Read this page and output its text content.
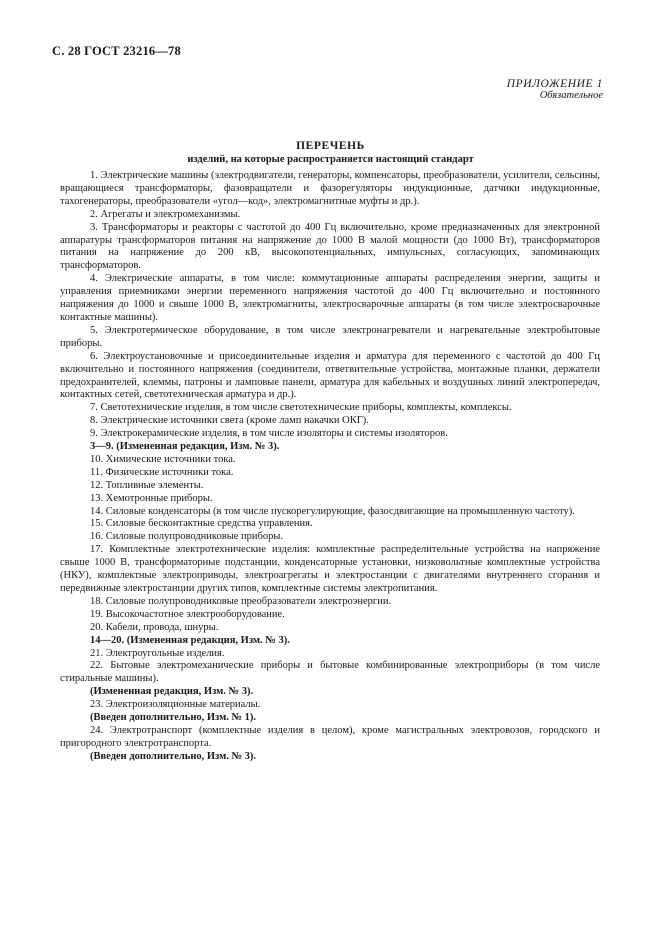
С. 28 ГОСТ 23216—78
ПРИЛОЖЕНИЕ 1
Обязательное
ПЕРЕЧЕНЬ
изделий, на которые распространяется настоящий стандарт

1. Электрические машины (электродвигатели, генераторы, компенсаторы, преобразователи, усилители, сельсины, вращающиеся трансформаторы, фазовращатели и фазорегуляторы индукционные, датчики индукционные, тахогенераторы, преобразователи «угол—код», электромагнитные муфты и др.).

2. Агрегаты и электромеханизмы.

3. Трансформаторы и реакторы с частотой до 400 Гц включительно, кроме предназначенных для электронной аппаратуры трансформаторов питания на напряжение до 1000 В малой мощности (до 1000 Вт), трансформаторов питания на напряжение до 200 кВ, высокопотенциальных, импульсных, согласующих, запоминающих трансформаторов.

4. Электрические аппараты, в том числе: коммутационные аппараты распределения энергии, защиты и управления приемниками энергии переменного напряжения частотой до 400 Гц включительно и постоянного напряжения до 1000 и свыше 1000 В, электромагниты, электросварочные аппараты (в том числе электросварочные контактные машины).

5. Электротермическое оборудование, в том числе электронагреватели и нагревательные электробытовые приборы.

6. Электроустановочные и присоединительные изделия и арматура для переменного с частотой до 400 Гц включительно и постоянного напряжения (соединители, ответвительные устройства, монтажные планки, держатели предохранителей, клеммы, патроны и ламповые панели, арматура для кабельных и воздушных линий электропередач, контактных сетей, светотехническая арматура и др.).

7. Светотехнические изделия, в том числе светотехнические приборы, комплекты, комплексы.

8. Электрические источники света (кроме ламп накачки ОКГ).

9. Электрокерамические изделия, в том числе изоляторы и системы изоляторов.

3—9. (Измененная редакция, Изм. № 3).

10. Химические источники тока.

11. Физические источники тока.

12. Топливные элементы.

13. Хемотронные приборы.

14. Силовые конденсаторы (в том числе пускорегулирующие, фазосдвигающие на промышленную частоту).

15. Силовые бесконтактные средства управления.

16. Силовые полупроводниковые приборы.

17. Комплектные электротехнические изделия: комплектные распределительные устройства на напряжение свыше 1000 В, трансформаторные подстанции, конденсаторные установки, низковольтные комплектные устройства (НКУ), комплектные электроприводы, электроагрегаты и электростанции с двигателями внутреннего сгорания и передвижные электростанции других типов, комплектные системы электропитания.

18. Силовые полупроводниковые преобразователи электроэнергии.

19. Высокочастотное электрооборудование.

20. Кабели, провода, шнуры.

14—20. (Измененная редакция, Изм. № 3).

21. Электроугольные изделия.

22. Бытовые электромеханические приборы и бытовые комбинированные электроприборы (в том числе стиральные машины).

(Измененная редакция, Изм. № 3).

23. Электроизоляционные материалы.

(Введен дополнительно, Изм. № 1).

24. Электротранспорт (комплектные изделия в целом), кроме магистральных электровозов, городского и пригородного электротранспорта.

(Введен дополнительно, Изм. № 3).
